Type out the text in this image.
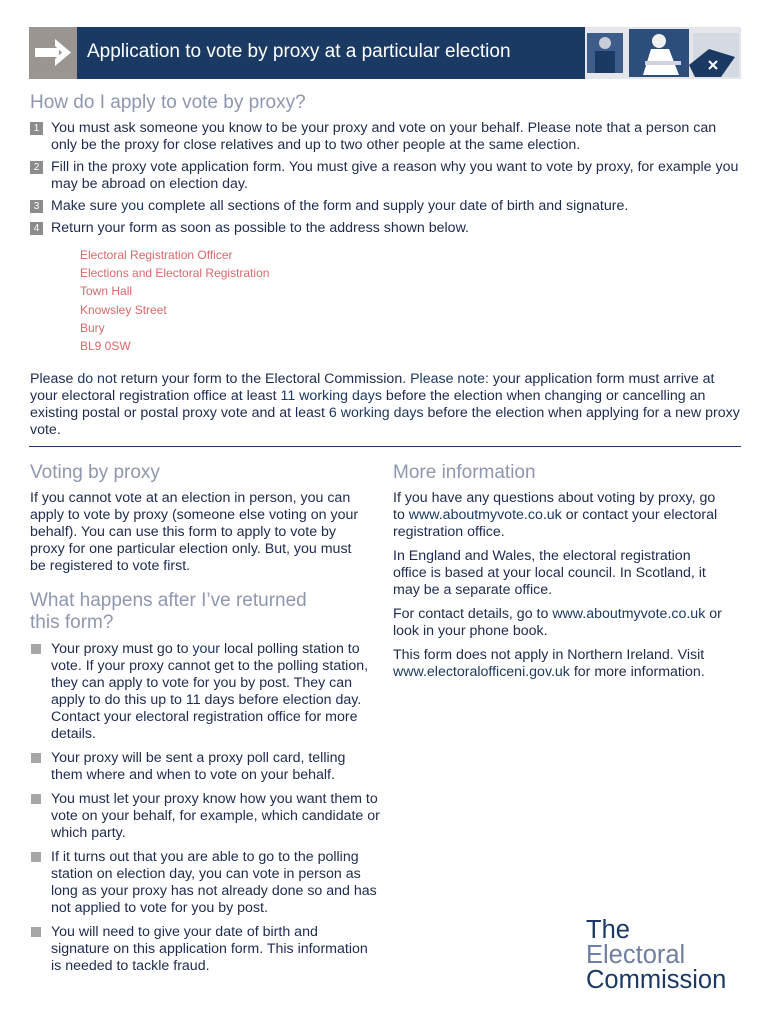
Application to vote by proxy at a particular election
How do I apply to vote by proxy?
1 You must ask someone you know to be your proxy and vote on your behalf. Please note that a person can only be the proxy for close relatives and up to two other people at the same election.
2 Fill in the proxy vote application form. You must give a reason why you want to vote by proxy, for example you may be abroad on election day.
3 Make sure you complete all sections of the form and supply your date of birth and signature.
4 Return your form as soon as possible to the address shown below.
Electoral Registration Officer
Elections and Electoral Registration
Town Hall
Knowsley Street
Bury
BL9 0SW
Please do not return your form to the Electoral Commission. Please note: your application form must arrive at your electoral registration office at least 11 working days before the election when changing or cancelling an existing postal or postal proxy vote and at least 6 working days before the election when applying for a new proxy vote.
Voting by proxy
If you cannot vote at an election in person, you can apply to vote by proxy (someone else voting on your behalf). You can use this form to apply to vote by proxy for one particular election only. But, you must be registered to vote first.
What happens after I’ve returned
this form?
Your proxy must go to your local polling station to vote. If your proxy cannot get to the polling station, they can apply to vote for you by post. They can apply to do this up to 11 days before election day. Contact your electoral registration office for more details.
Your proxy will be sent a proxy poll card, telling them where and when to vote on your behalf.
You must let your proxy know how you want them to vote on your behalf, for example, which candidate or which party.
If it turns out that you are able to go to the polling station on election day, you can vote in person as long as your proxy has not already done so and has not applied to vote for you by post.
You will need to give your date of birth and signature on this application form. This information is needed to tackle fraud.
More information

If you have any questions about voting by proxy, go to www.aboutmyvote.co.uk or contact your electoral registration office.

In England and Wales, the electoral registration office is based at your local council. In Scotland, it may be a separate office.

For contact details, go to www.aboutmyvote.co.uk or look in your phone book.

This form does not apply in Northern Ireland. Visit www.electoralofficeni.gov.uk for more information.

The
Electoral
Commission
